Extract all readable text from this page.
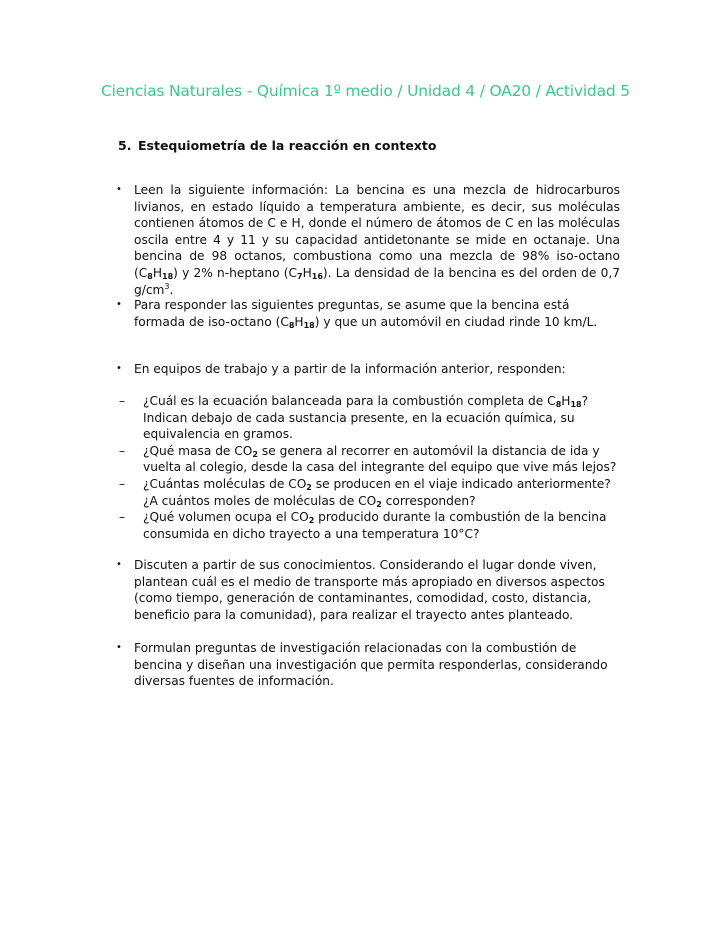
Ciencias Naturales - Química 1º medio / Unidad 4 / OA20 / Actividad 5
5. Estequiometría de la reacción en contexto
• Leen la siguiente información: La bencina es una mezcla de hidrocarburos livianos, en estado líquido a temperatura ambiente, es decir, sus moléculas contienen átomos de C e H, donde el número de átomos de C en las moléculas oscila entre 4 y 11 y su capacidad antidetonante se mide en octanaje. Una bencina de 98 octanos, combustiona como una mezcla de 98% iso-octano $(C_8H_{18})$ y 2% n-heptano $(C_7H_{16})$. La densidad de la bencina es del orden de 0,7 $g/cm^3$.
• Para responder las siguientes preguntas, se asume que la bencina está formada de iso-octano $(C_8H_{18})$ y que un automóvil en ciudad rinde 10 km/L.
• En equipos de trabajo y a partir de la información anterior, responden:
– ¿Cuál es la ecuación balanceada para la combustión completa de $C_8H_{18}$? Indican debajo de cada sustancia presente, en la ecuación química, su equivalencia en gramos.
– ¿Qué masa de $CO_2$ se genera al recorrer en automóvil la distancia de ida y vuelta al colegio, desde la casa del integrante del equipo que vive más lejos?
– ¿Cuántas moléculas de $CO_2$ se producen en el viaje indicado anteriormente? ¿A cuántos moles de moléculas de $CO_2$ corresponden?
– ¿Qué volumen ocupa el $CO_2$ producido durante la combustión de la bencina consumida en dicho trayecto a una temperatura 10°C?
• Discuten a partir de sus conocimientos. Considerando el lugar donde viven, plantean cuál es el medio de transporte más apropiado en diversos aspectos (como tiempo, generación de contaminantes, comodidad, costo, distancia, beneficio para la comunidad), para realizar el trayecto antes planteado.
• Formulan preguntas de investigación relacionadas con la combustión de bencina y diseñan una investigación que permita responderlas, considerando diversas fuentes de información.
